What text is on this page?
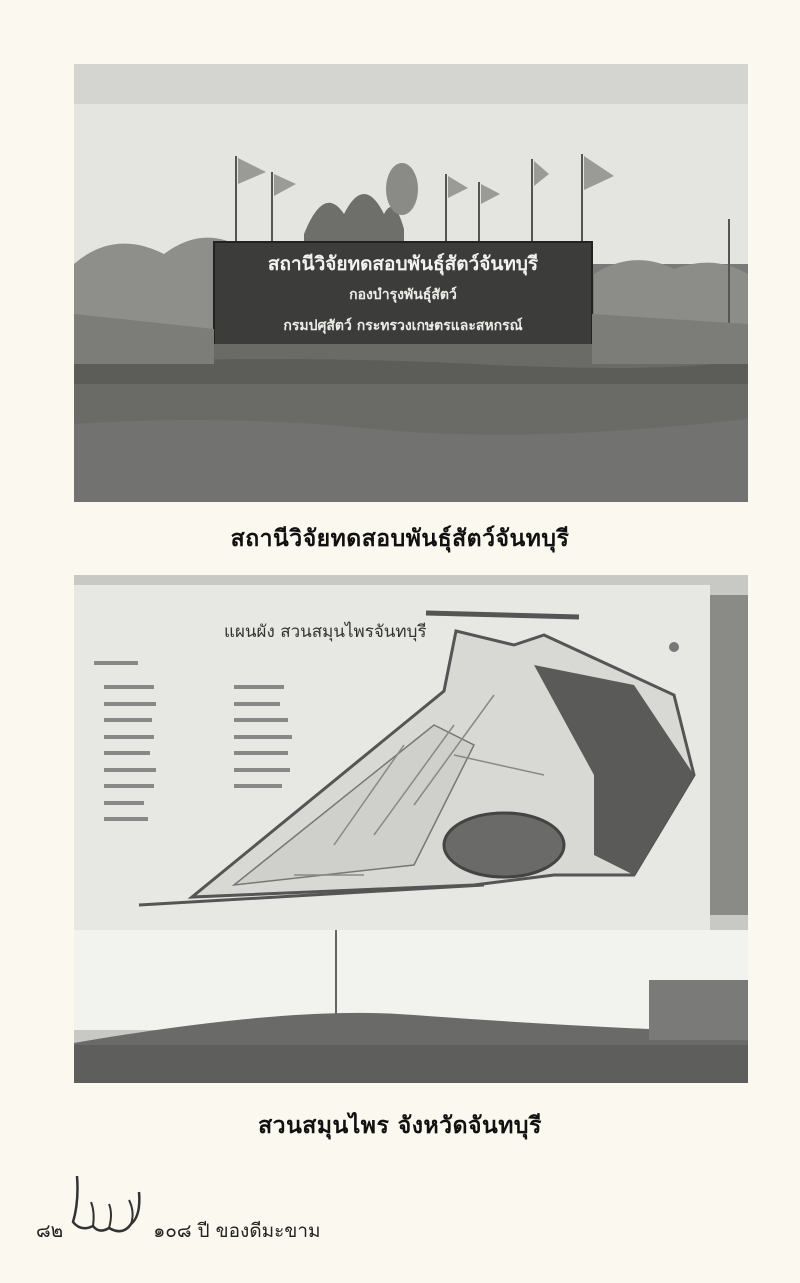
สถานีวิจัยทดสอบพันธุ์สัตว์จันทบุรี
กองบำรุงพันธุ์สัตว์
กรมปศุสัตว์ กระทรวงเกษตรและสหกรณ์
สถานีวิจัยทดสอบพันธุ์สัตว์จันทบุรี
แผนผัง สวนสมุนไพรจันทบุรี
สวนสมุนไพร จังหวัดจันทบุรี
๘๒	๑๐๘ ปี ของดีมะขาม
